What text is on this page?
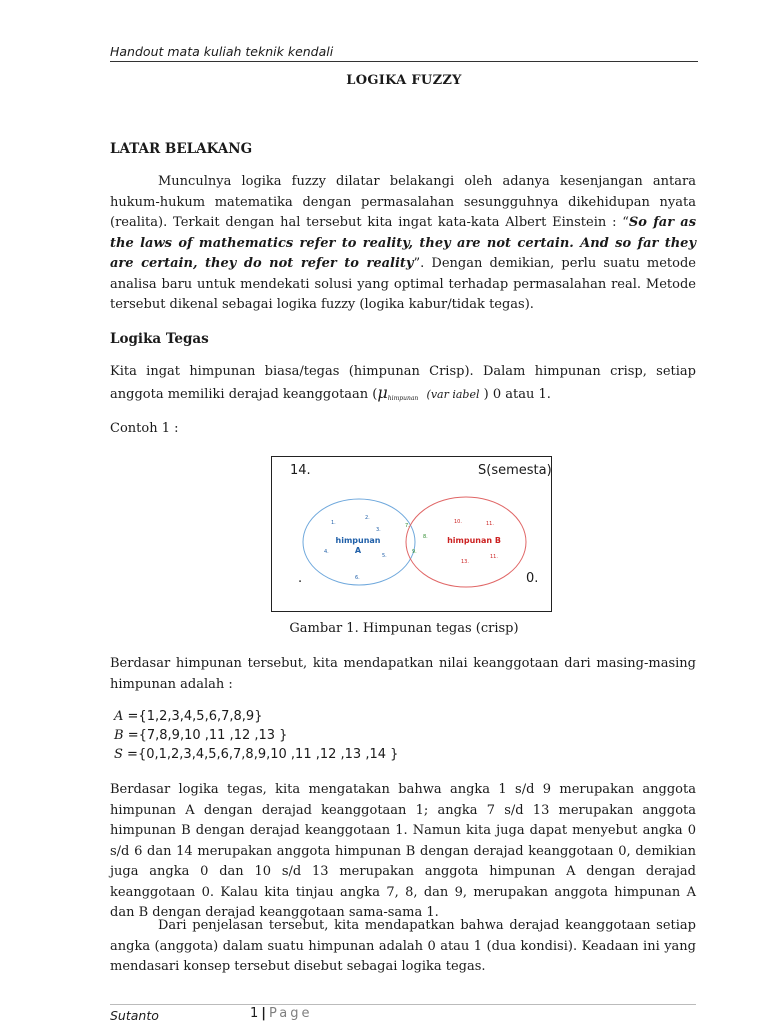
Handout mata kuliah teknik kendali
LOGIKA FUZZY
LATAR BELAKANG
Munculnya logika fuzzy dilatar belakangi oleh adanya kesenjangan antara hukum-hukum matematika dengan permasalahan sesungguhnya dikehidupan nyata (realita). Terkait dengan hal tersebut kita ingat kata-kata Albert Einstein : “So far as the laws of mathematics refer to reality, they are not certain. And so far they are certain, they do not refer to reality”. Dengan demikian, perlu suatu metode analisa baru untuk mendekati solusi yang optimal terhadap permasalahan real. Metode tersebut dikenal sebagai logika fuzzy (logika kabur/tidak tegas).
Logika Tegas
Kita ingat himpunan biasa/tegas (himpunan Crisp). Dalam himpunan crisp, setiap anggota memiliki derajad keanggotaan ($\mu_{himpunan}$ (var iabel ) 0 atau 1.
Contoh 1 :
1.
2.
3.
4.
5.
6.
7.
8.
9.
10.	11.
11.
13.
himpunan A
himpunan B
14.	S(semesta)
.	0.
Gambar 1. Himpunan tegas (crisp)
Berdasar himpunan tersebut, kita mendapatkan nilai keanggotaan dari masing-masing himpunan adalah :
A ={1,2,3,4,5,6,7,8,9}
B ={7,8,9,10 ,11 ,12 ,13 }
S ={0,1,2,3,4,5,6,7,8,9,10 ,11 ,12 ,13 ,14 }
Berdasar logika tegas, kita mengatakan bahwa angka 1 s/d 9 merupakan anggota himpunan A dengan derajad keanggotaan 1; angka 7 s/d 13 merupakan anggota himpunan B dengan derajad keanggotaan 1. Namun kita juga dapat menyebut angka 0 s/d 6 dan 14 merupakan anggota himpunan B dengan derajad keanggotaan 0, demikian juga angka 0 dan 10 s/d 13 merupakan anggota himpunan A dengan derajad keanggotaan 0. Kalau kita tinjau angka 7, 8, dan 9, merupakan anggota himpunan A dan B dengan derajad keanggotaan sama-sama 1.
Dari penjelasan tersebut, kita mendapatkan bahwa derajad keanggotaan setiap angka (anggota) dalam suatu himpunan adalah 0 atau 1 (dua kondisi). Keadaan ini yang mendasari konsep tersebut disebut sebagai logika tegas.
Sutanto	1 | Page
